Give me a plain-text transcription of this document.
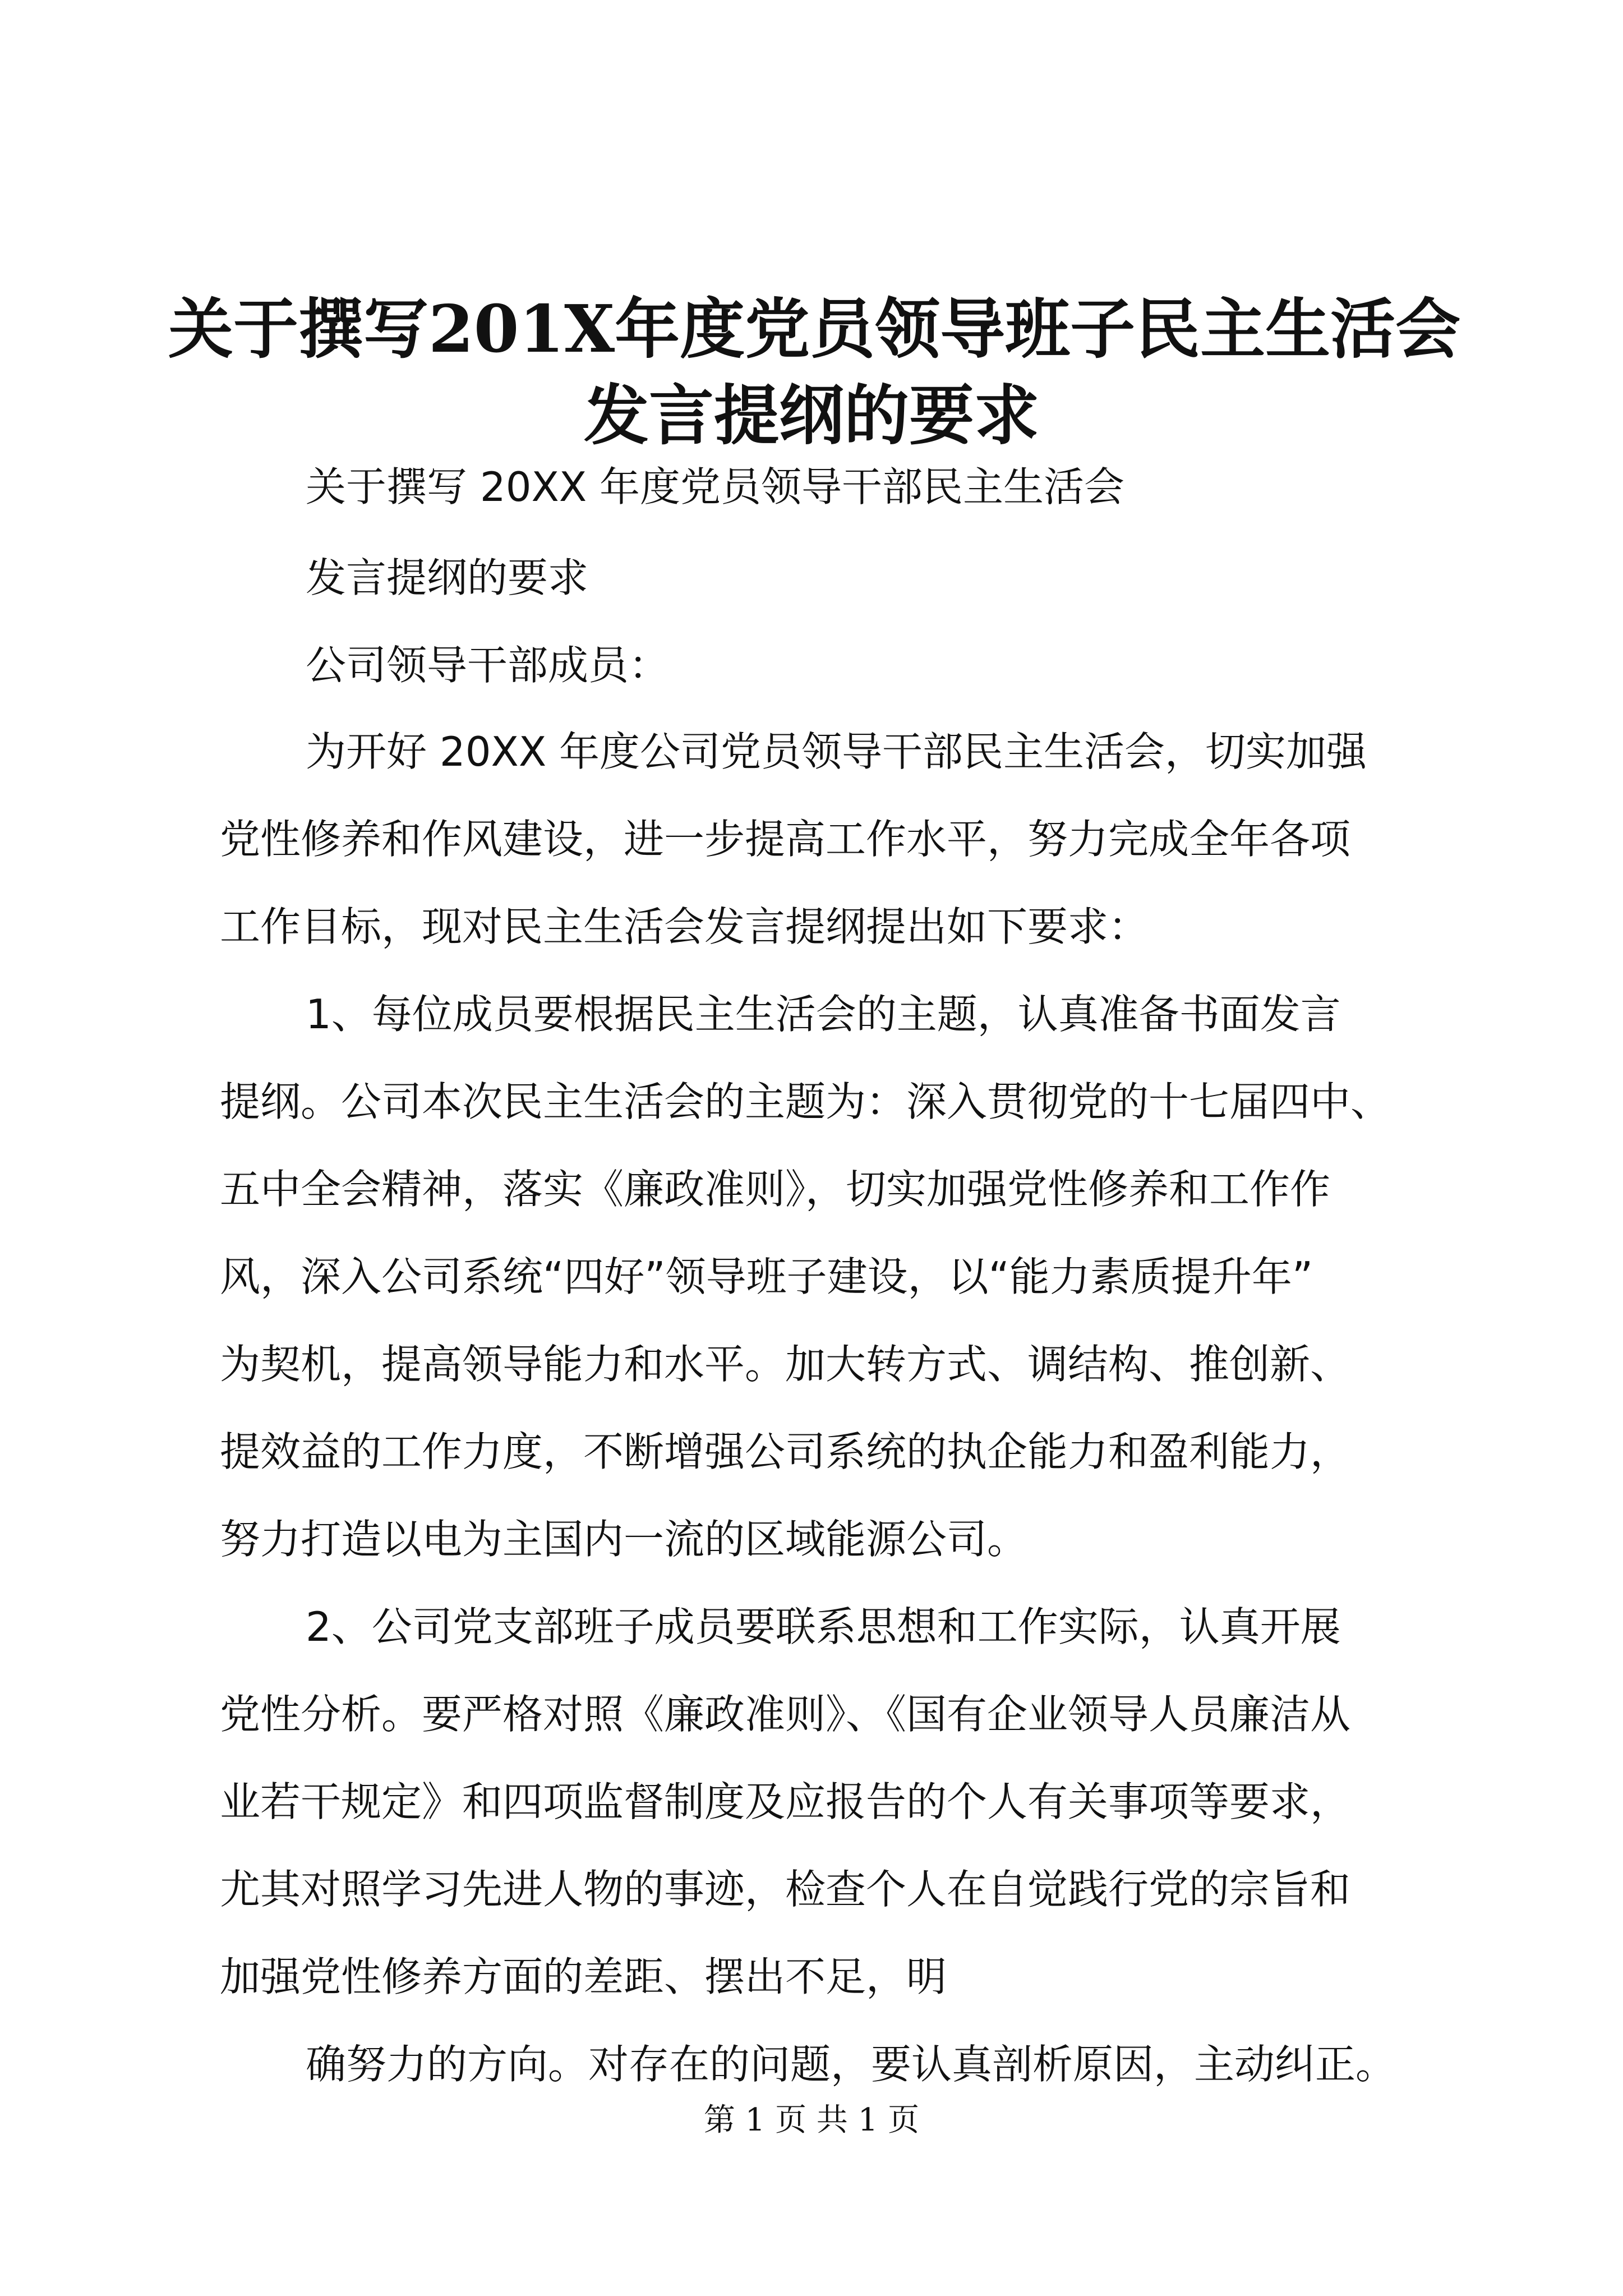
关于撰写201X年度党员领导班子民主生活会
发言提纲的要求

关于撰写 20XX 年度党员领导干部民主生活会

发言提纲的要求

公司领导干部成员：

为开好 20XX 年度公司党员领导干部民主生活会，切实加强

党性修养和作风建设，进一步提高工作水平，努力完成全年各项

工作目标，现对民主生活会发言提纲提出如下要求：

1、每位成员要根据民主生活会的主题，认真准备书面发言

提纲。公司本次民主生活会的主题为：深入贯彻党的十七届四中、

五中全会精神，落实《廉政准则》，切实加强党性修养和工作作

风，深入公司系统“四好”领导班子建设，以“能力素质提升年”

为契机，提高领导能力和水平。加大转方式、调结构、推创新、

提效益的工作力度，不断增强公司系统的执企能力和盈利能力，

努力打造以电为主国内一流的区域能源公司。

2、公司党支部班子成员要联系思想和工作实际，认真开展

党性分析。要严格对照《廉政准则》、《国有企业领导人员廉洁从

业若干规定》和四项监督制度及应报告的个人有关事项等要求，

尤其对照学习先进人物的事迹，检查个人在自觉践行党的宗旨和

加强党性修养方面的差距、摆出不足，明

确努力的方向。对存在的问题，要认真剖析原因，主动纠正。

第 1 页 共 1 页
